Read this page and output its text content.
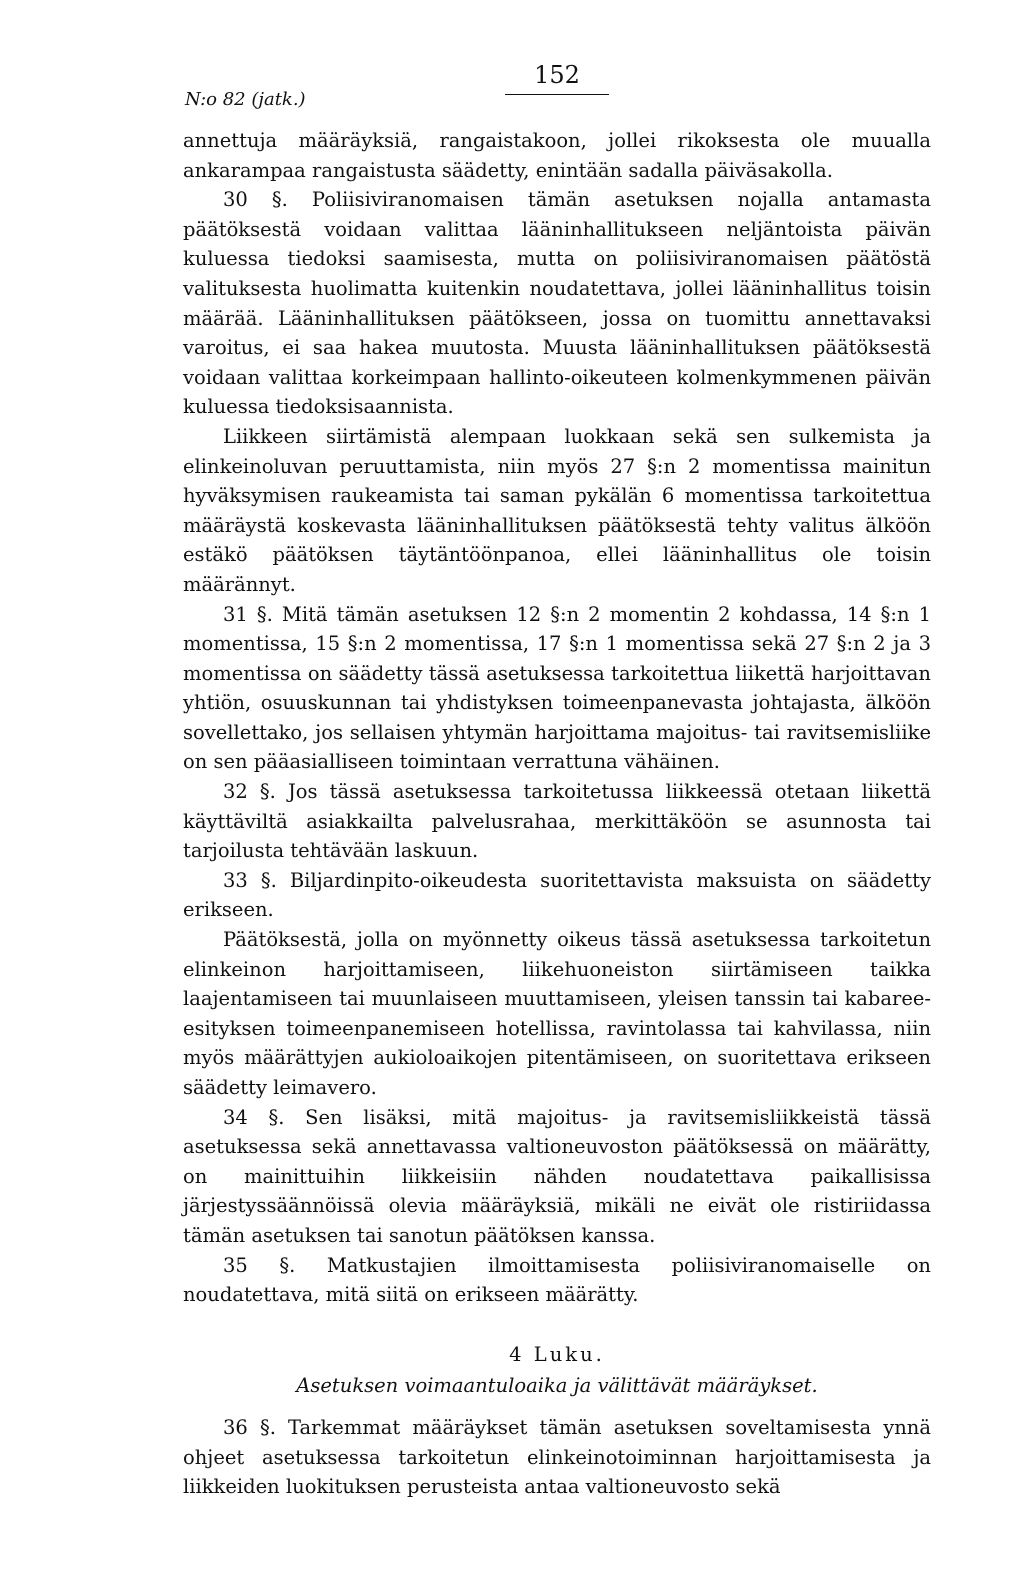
152
N:o 82 (jatk.)

annettuja määräyksiä, rangaistakoon, jollei rikoksesta ole muualla ankarampaa rangaistusta säädetty, enintään sadalla päiväsakolla.

30 §. Poliisiviranomaisen tämän asetuksen nojalla antamasta päätöksestä voidaan valittaa lääninhallitukseen neljäntoista päivän kuluessa tiedoksi saamisesta, mutta on poliisiviranomaisen päätöstä valituksesta huolimatta kuitenkin noudatettava, jollei lääninhallitus toisin määrää. Lääninhallituksen päätökseen, jossa on tuomittu annettavaksi varoitus, ei saa hakea muutosta. Muusta lääninhallituksen päätöksestä voidaan valittaa korkeimpaan hallinto-oikeuteen kolmenkymmenen päivän kuluessa tiedoksisaannista.

Liikkeen siirtämistä alempaan luokkaan sekä sen sulkemista ja elinkeinoluvan peruuttamista, niin myös 27 §:n 2 momentissa mainitun hyväksymisen raukeamista tai saman pykälän 6 momentissa tarkoitettua määräystä koskevasta lääninhallituksen päätöksestä tehty valitus älköön estäkö päätöksen täytäntöönpanoa, ellei lääninhallitus ole toisin määrännyt.

31 §. Mitä tämän asetuksen 12 §:n 2 momentin 2 kohdassa, 14 §:n 1 momentissa, 15 §:n 2 momentissa, 17 §:n 1 momentissa sekä 27 §:n 2 ja 3 momentissa on säädetty tässä asetuksessa tarkoitettua liikettä harjoittavan yhtiön, osuuskunnan tai yhdistyksen toimeenpanevasta johtajasta, älköön sovellettako, jos sellaisen yhtymän harjoittama majoitus- tai ravitsemisliike on sen pääasialliseen toimintaan verrattuna vähäinen.

32 §. Jos tässä asetuksessa tarkoitetussa liikkeessä otetaan liikettä käyttäviltä asiakkailta palvelusrahaa, merkittäköön se asunnosta tai tarjoilusta tehtävään laskuun.

33 §. Biljardinpito-oikeudesta suoritettavista maksuista on säädetty erikseen.

Päätöksestä, jolla on myönnetty oikeus tässä asetuksessa tarkoitetun elinkeinon harjoittamiseen, liikehuoneiston siirtämiseen taikka laajentamiseen tai muunlaiseen muuttamiseen, yleisen tanssin tai kabaree-esityksen toimeenpanemiseen hotellissa, ravintolassa tai kahvilassa, niin myös määrättyjen aukioloaikojen pitentämiseen, on suoritettava erikseen säädetty leimavero.

34 §. Sen lisäksi, mitä majoitus- ja ravitsemisliikkeistä tässä asetuksessa sekä annettavassa valtioneuvoston päätöksessä on määrätty, on mainittuihin liikkeisiin nähden noudatettava paikallisissa järjestyssäännöissä olevia määräyksiä, mikäli ne eivät ole ristiriidassa tämän asetuksen tai sanotun päätöksen kanssa.

35 §. Matkustajien ilmoittamisesta poliisiviranomaiselle on noudatettava, mitä siitä on erikseen määrätty.

4 Luku.

Asetuksen voimaantuloaika ja välittävät määräykset.

36 §. Tarkemmat määräykset tämän asetuksen soveltamisesta ynnä ohjeet asetuksessa tarkoitetun elinkeinotoiminnan harjoittamisesta ja liikkeiden luokituksen perusteista antaa valtioneuvosto sekä
